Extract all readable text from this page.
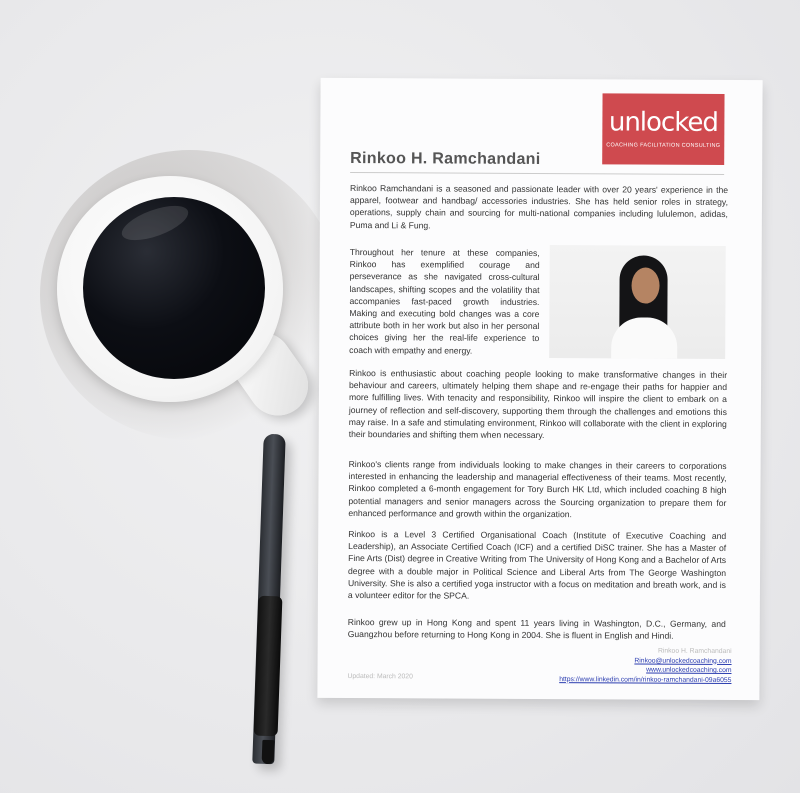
unlocked
COACHING FACILITATION CONSULTING
Rinkoo H. Ramchandani

Rinkoo Ramchandani is a seasoned and passionate leader with over 20 years' experience in the apparel, footwear and handbag/ accessories industries. She has held senior roles in strategy, operations, supply chain and sourcing for multi-national companies including lululemon, adidas, Puma and Li & Fung.

Throughout her tenure at these companies, Rinkoo has exemplified courage and perseverance as she navigated cross-cultural landscapes, shifting scopes and the volatility that accompanies fast-paced growth industries. Making and executing bold changes was a core attribute both in her work but also in her personal choices giving her the real-life experience to coach with empathy and energy.

Rinkoo is enthusiastic about coaching people looking to make transformative changes in their behaviour and careers, ultimately helping them shape and re-engage their paths for happier and more fulfilling lives. With tenacity and responsibility, Rinkoo will inspire the client to embark on a journey of reflection and self-discovery, supporting them through the challenges and emotions this may raise. In a safe and stimulating environment, Rinkoo will collaborate with the client in exploring their boundaries and shifting them when necessary.

Rinkoo's clients range from individuals looking to make changes in their careers to corporations interested in enhancing the leadership and managerial effectiveness of their teams. Most recently, Rinkoo completed a 6-month engagement for Tory Burch HK Ltd, which included coaching 8 high potential managers and senior managers across the Sourcing organization to prepare them for enhanced performance and growth within the organization.

Rinkoo is a Level 3 Certified Organisational Coach (Institute of Executive Coaching and Leadership), an Associate Certified Coach (ICF) and a certified DiSC trainer. She has a Master of Fine Arts (Dist) degree in Creative Writing from The University of Hong Kong and a Bachelor of Arts degree with a double major in Political Science and Liberal Arts from The George Washington University. She is also a certified yoga instructor with a focus on meditation and breath work, and is a volunteer editor for the SPCA.

Rinkoo grew up in Hong Kong and spent 11 years living in Washington, D.C., Germany, and Guangzhou before returning to Hong Kong in 2004. She is fluent in English and Hindi.

Rinkoo H. Ramchandani
Rinkoo@unlockedcoaching.com
www.unlockedcoaching.com
https://www.linkedin.com/in/rinkoo-ramchandani-09a6055
Updated: March 2020
